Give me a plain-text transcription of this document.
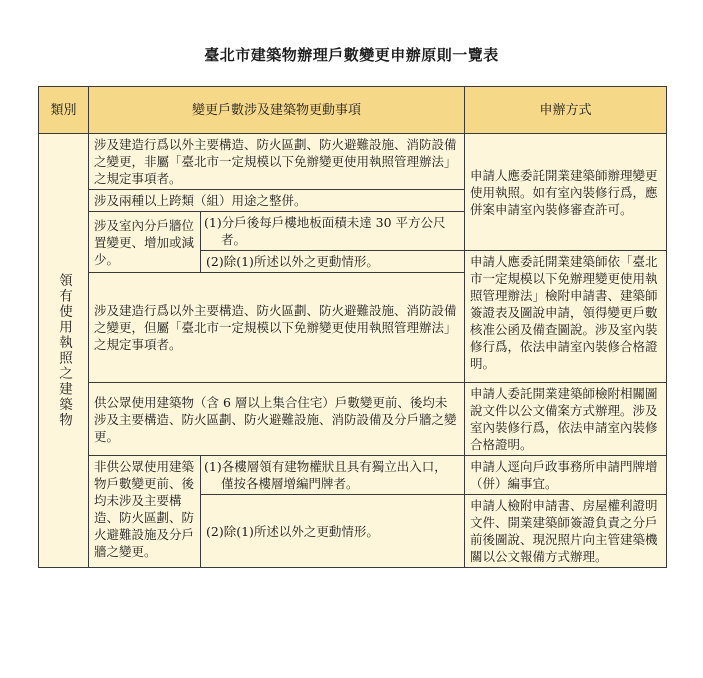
臺北市建築物辦理戶數變更申辦原則一覽表
類別	變更戶數涉及建築物更動事項		申辦方式
領有使用執照之建築物	涉及建造行爲以外主要構造、防火區劃、防火避難設施、消防設備之變更，非屬「臺北市一定規模以下免辦變更使用執照管理辦法」之規定事項者。		申請人應委託開業建築師辦理變更使用執照。如有室內裝修行爲，應併案申請室內裝修審查許可。
	涉及兩種以上跨類（組）用途之整併。		
	涉及室內分戶牆位置變更、增加或減少。	(1)分戶後每戶樓地板面積未達 30 平方公尺者。	
		(2)除(1)所述以外之更動情形。	申請人應委託開業建築師依「臺北市一定規模以下免辦理變更使用執照管理辦法」檢附申請書、建築師簽證表及圖說申請，領得變更戶數核准公函及備查圖說。涉及室內裝修行爲，依法申請室內裝修合格證明。
	涉及建造行爲以外主要構造、防火區劃、防火避難設施、消防設備之變更，但屬「臺北市一定規模以下免辦變更使用執照管理辦法」之規定事項者。		
	供公眾使用建築物（含 6 層以上集合住宅）戶數變更前、後均未涉及主要構造、防火區劃、防火避難設施、消防設備及分戶牆之變更。		申請人委託開業建築師檢附相關圖說文件以公文備案方式辦理。涉及室內裝修行爲，依法申請室內裝修合格證明。
	非供公眾使用建築物戶數變更前、後均未涉及主要構造、防火區劃、防火避難設施及分戶牆之變更。	(1)各樓層領有建物權狀且具有獨立出入口，僅按各樓層增編門牌者。	申請人逕向戶政事務所申請門牌增（併）編事宜。
		(2)除(1)所述以外之更動情形。	申請人檢附申請書、房屋權利證明文件、開業建築師簽證負責之分戶前後圖說、現況照片向主管建築機關以公文報備方式辦理。
